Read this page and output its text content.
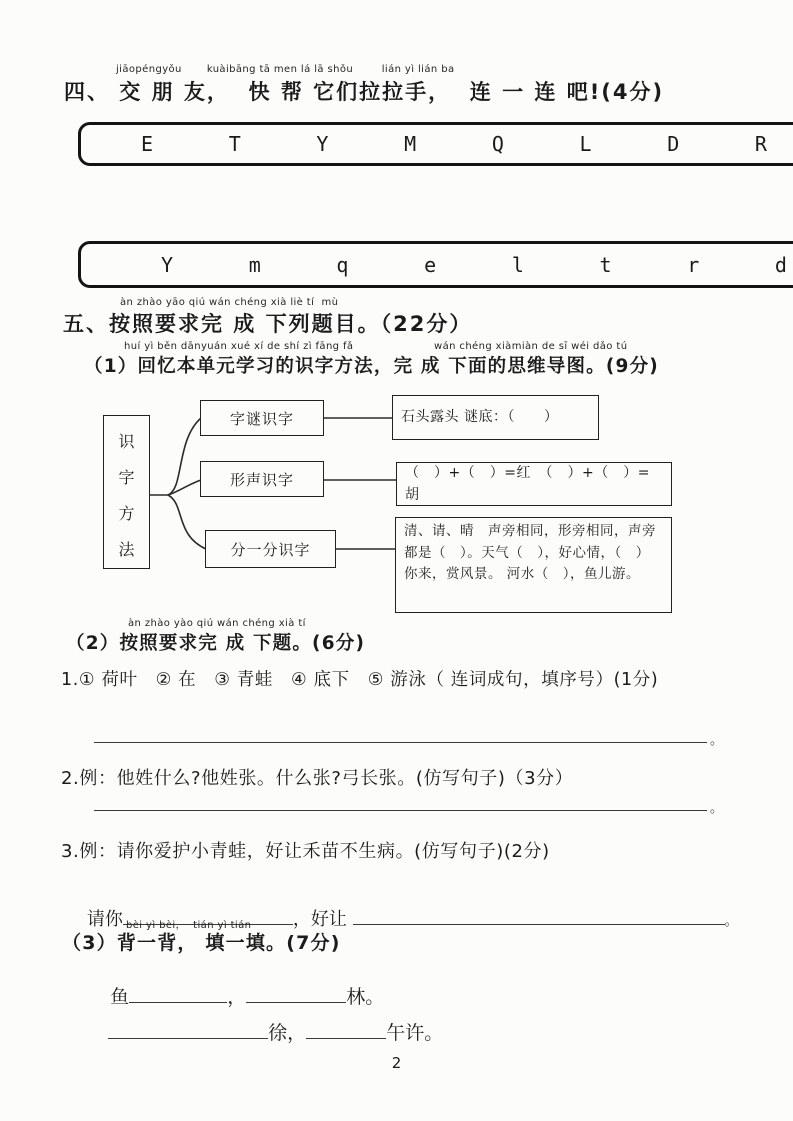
jiāopéngyǒu       kuàibāng tā men lá lā shǒu        lián yì lián ba
四、 交 朋 友，  快 帮 它们拉拉手，  连 一 连 吧!(4分)
E	T	Y	M	Q	L	D	R
Y	m	q	e	l	t	r	d
àn zhào yāo qiú wán chéng xià liè tí  mù
五、按照要求完 成 下列题目。（22分）
huí yì běn dānyuán xué xí de shí zì fāng fǎ	wán chéng xiàmiàn de sī wéi dǎo tú
（1）回忆本单元学习的识字方法，完 成 下面的思维导图。(9分)
识字方法
字谜识字
形声识字
分一分识字
石头露头 谜底：（　　）
（　）+（　）=红　（　）+（　）=胡
清、请、晴　声旁相同，形旁相同，声旁都是（　）。天气（　），好心情，（　）你来，赏风景。 河水（　），鱼儿游。
àn zhào yào qiú wán chéng xià tí
（2）按照要求完 成 下题。(6分)
1.① 荷叶　② 在　③ 青蛙　④ 底下　⑤ 游泳（ 连词成句，填序号）(1分)
。
2.例：他姓什么?他姓张。什么张?弓长张。(仿写句子)（3分）
。
3.例：请你爱护小青蛙，好让禾苗不生病。(仿写句子)(2分)

请你	，好让	。

bèi yì bèi，  tián yì tián
（3）背一背， 填一填。(7分)

鱼	，	林。

徐，	午许。

2
